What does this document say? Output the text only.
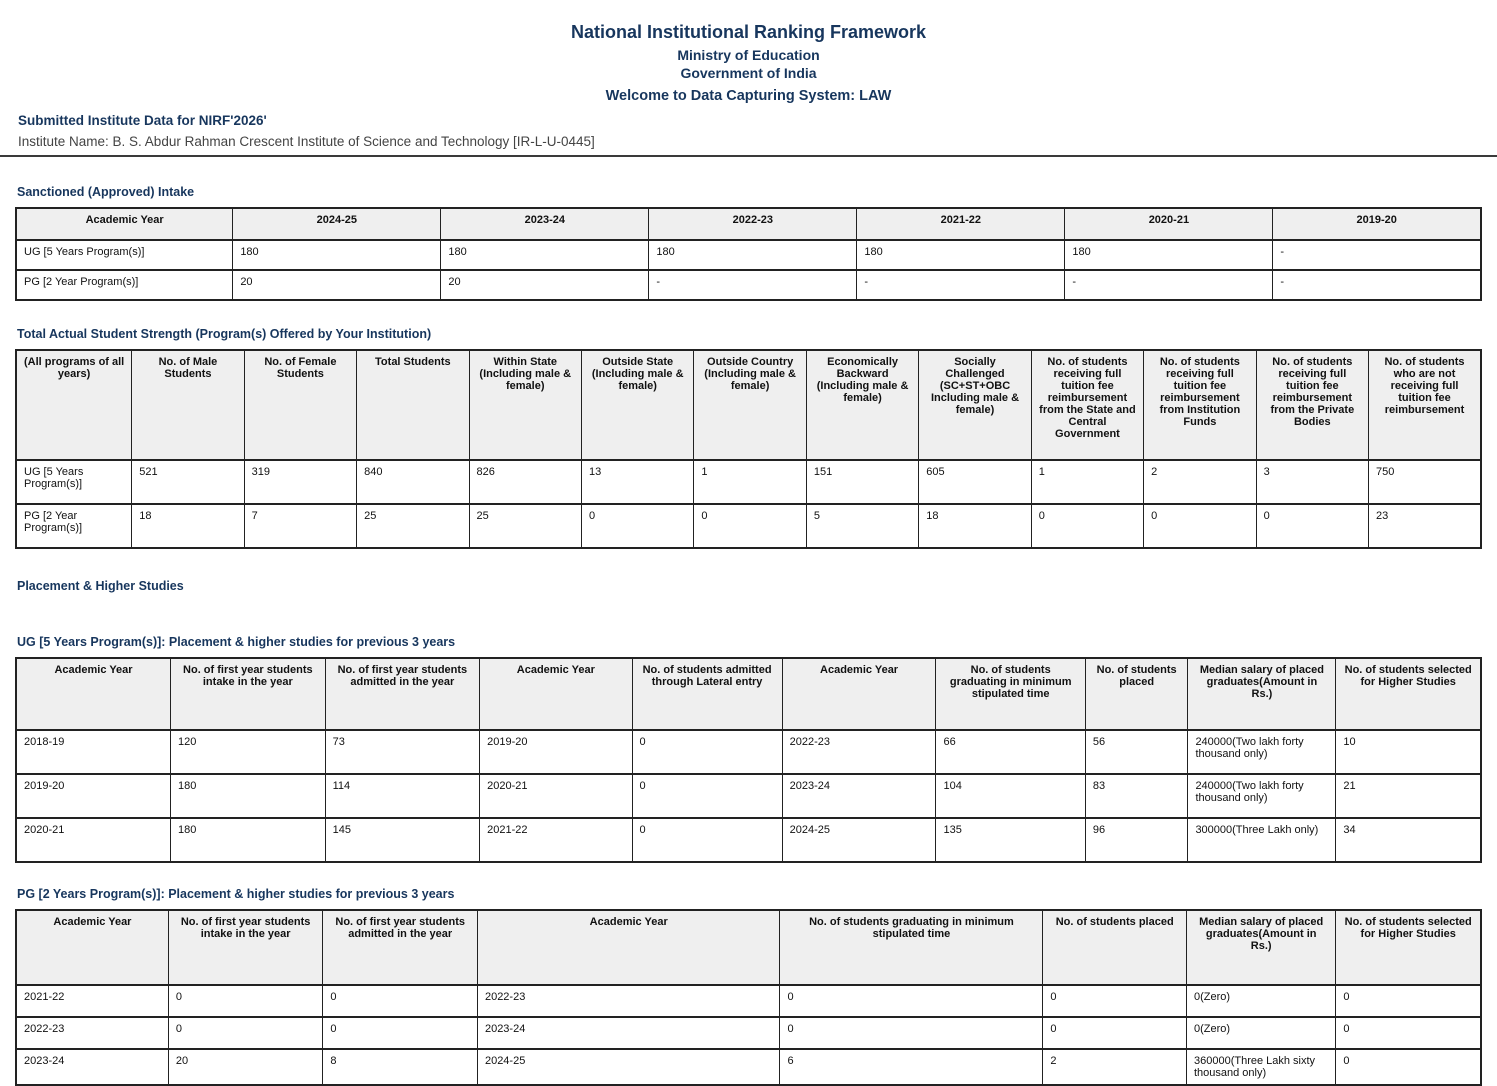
National Institutional Ranking Framework
Ministry of Education
Government of India
Welcome to Data Capturing System: LAW
Submitted Institute Data for NIRF'2026'
Institute Name: B. S. Abdur Rahman Crescent Institute of Science and Technology [IR-L-U-0445]
Sanctioned (Approved) Intake
Academic Year	2024-25	2023-24	2022-23	2021-22	2020-21	2019-20
UG [5 Years Program(s)]	180	180	180	180	180	-
PG [2 Year Program(s)]	20	20	-	-	-	-
Total Actual Student Strength (Program(s) Offered by Your Institution)
(All programs of all years)	No. of Male Students	No. of Female Students	Total Students	Within State (Including male & female)	Outside State (Including male & female)	Outside Country (Including male & female)	Economically Backward (Including male & female)	Socially Challenged (SC+ST+OBC Including male & female)	No. of students receiving full tuition fee reimbursement from the State and Central Government	No. of students receiving full tuition fee reimbursement from Institution Funds	No. of students receiving full tuition fee reimbursement from the Private Bodies	No. of students who are not receiving full tuition fee reimbursement
UG [5 Years Program(s)]	521	319	840	826	13	1	151	605	1	2	3	750
PG [2 Year Program(s)]	18	7	25	25	0	0	5	18	0	0	0	23
Placement & Higher Studies
UG [5 Years Program(s)]: Placement & higher studies for previous 3 years
Academic Year	No. of first year students intake in the year	No. of first year students admitted in the year	Academic Year	No. of students admitted through Lateral entry	Academic Year	No. of students graduating in minimum stipulated time	No. of students placed	Median salary of placed graduates(Amount in Rs.)	No. of students selected for Higher Studies
2018-19	120	73	2019-20	0	2022-23	66	56	240000(Two lakh forty thousand only)	10
2019-20	180	114	2020-21	0	2023-24	104	83	240000(Two lakh forty thousand only)	21
2020-21	180	145	2021-22	0	2024-25	135	96	300000(Three Lakh only)	34
PG [2 Years Program(s)]: Placement & higher studies for previous 3 years
Academic Year	No. of first year students intake in the year	No. of first year students admitted in the year	Academic Year	No. of students graduating in minimum stipulated time	No. of students placed	Median salary of placed graduates(Amount in Rs.)	No. of students selected for Higher Studies
2021-22	0	0	2022-23	0	0	0(Zero)	0
2022-23	0	0	2023-24	0	0	0(Zero)	0
2023-24	20	8	2024-25	6	2	360000(Three Lakh sixty thousand only)	0
